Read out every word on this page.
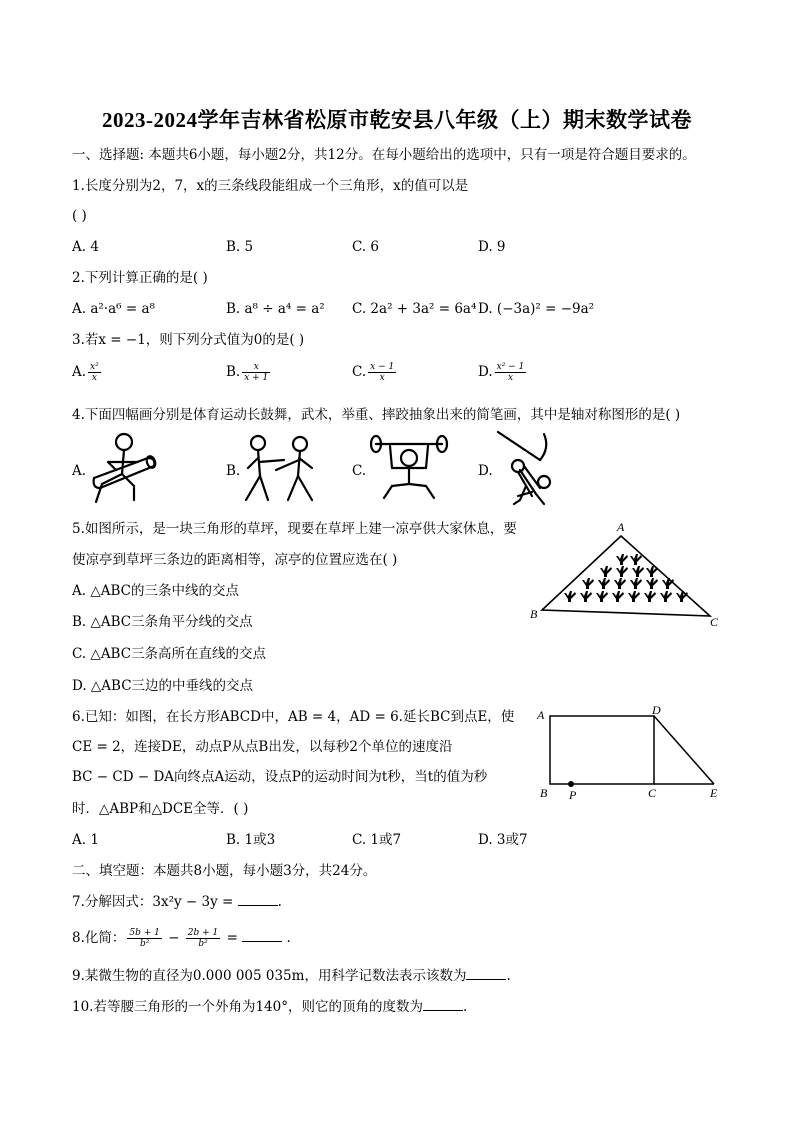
2023-2024学年吉林省松原市乾安县八年级（上）期末数学试卷
一、选择题: 本题共6小题，每小题2分，共12分。在每小题给出的选项中，只有一项是符合题目要求的。
1.长度分别为2，7，x的三条线段能组成一个三角形，x的值可以是
( )
A. 4	B. 5	C. 6	D. 9
2.下列计算正确的是( )
A. a²·a⁶ = a⁸	B. a⁸ ÷ a⁴ = a² C. 2a² + 3a² = 6a⁴ D. (−3a)² = −9a²
3.若x = −1，则下列分式值为0的是( )
A. $\frac{\text{x²}}{x}$	B. $\frac{x}{x + 1}$	C. $\frac{x - 1}{x}$	D. $\frac{\text{x² − 1}}{x}$
4.下面四幅画分别是体育运动长鼓舞，武术，举重、摔跤抽象出来的简笔画，其中是轴对称图形的是( )
A.	B.	C.	D.
5.如图所示，是一块三角形的草坪，现要在草坪上建一凉亭供大家休息，要
使凉亭到草坪三条边的距离相等，凉亭的位置应选在( )
A. △ABC的三条中线的交点
B. △ABC三条角平分线的交点
C. △ABC三条高所在直线的交点
D. △ABC三边的中垂线的交点
A
B
C
6.已知：如图，在长方形ABCD中，AB = 4，AD = 6.延长BC到点E，使
CE = 2，连接DE，动点P从点B出发，以每秒2个单位的速度沿
BC − CD − DA向终点A运动，设点P的运动时间为t秒，当t的值为秒
时．△ABP和△DCE全等．( )
A. 1	B. 1或3	C. 1或7	D. 3或7
A	D
B P	C	E
二、填空题：本题共8小题，每小题3分，共24分。
7.分解因式：3x²y − 3y =	.
8.化简： $\frac{5b + 1}{\text{b²}} - \frac{2b + 1}{\text{b²}}$ =	.
9.某微生物的直径为0.000 005 035m，用科学记数法表示该数为	.
10.若等腰三角形的一个外角为140°，则它的顶角的度数为	.
